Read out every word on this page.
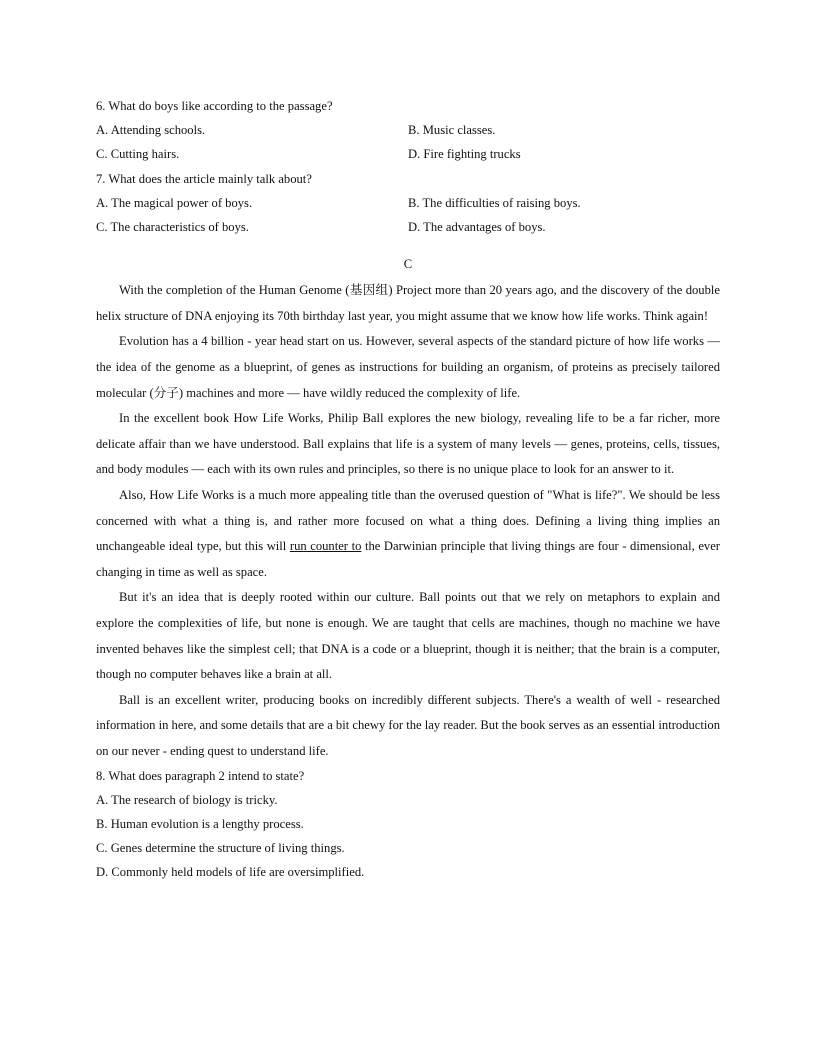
6. What do boys like according to the passage?
A. Attending schools.	B. Music classes.
C. Cutting hairs.	D. Fire fighting trucks
7. What does the article mainly talk about?
A. The magical power of boys.	B. The difficulties of raising boys.
C. The characteristics of boys.	D. The advantages of boys.
C

With the completion of the Human Genome (基因组) Project more than 20 years ago, and the discovery of the double helix structure of DNA enjoying its 70th birthday last year, you might assume that we know how life works. Think again!

Evolution has a 4 billion - year head start on us. However, several aspects of the standard picture of how life works — the idea of the genome as a blueprint, of genes as instructions for building an organism, of proteins as precisely tailored molecular (分子) machines and more — have wildly reduced the complexity of life.

In the excellent book How Life Works, Philip Ball explores the new biology, revealing life to be a far richer, more delicate affair than we have understood. Ball explains that life is a system of many levels — genes, proteins, cells, tissues, and body modules — each with its own rules and principles, so there is no unique place to look for an answer to it.

Also, How Life Works is a much more appealing title than the overused question of "What is life?". We should be less concerned with what a thing is, and rather more focused on what a thing does. Defining a living thing implies an unchangeable ideal type, but this will run counter to the Darwinian principle that living things are four - dimensional, ever changing in time as well as space.

But it's an idea that is deeply rooted within our culture. Ball points out that we rely on metaphors to explain and explore the complexities of life, but none is enough. We are taught that cells are machines, though no machine we have invented behaves like the simplest cell; that DNA is a code or a blueprint, though it is neither; that the brain is a computer, though no computer behaves like a brain at all.

Ball is an excellent writer, producing books on incredibly different subjects. There's a wealth of well - researched information in here, and some details that are a bit chewy for the lay reader. But the book serves as an essential introduction on our never - ending quest to understand life.

8. What does paragraph 2 intend to state?
A. The research of biology is tricky.
B. Human evolution is a lengthy process.
C. Genes determine the structure of living things.
D. Commonly held models of life are oversimplified.
